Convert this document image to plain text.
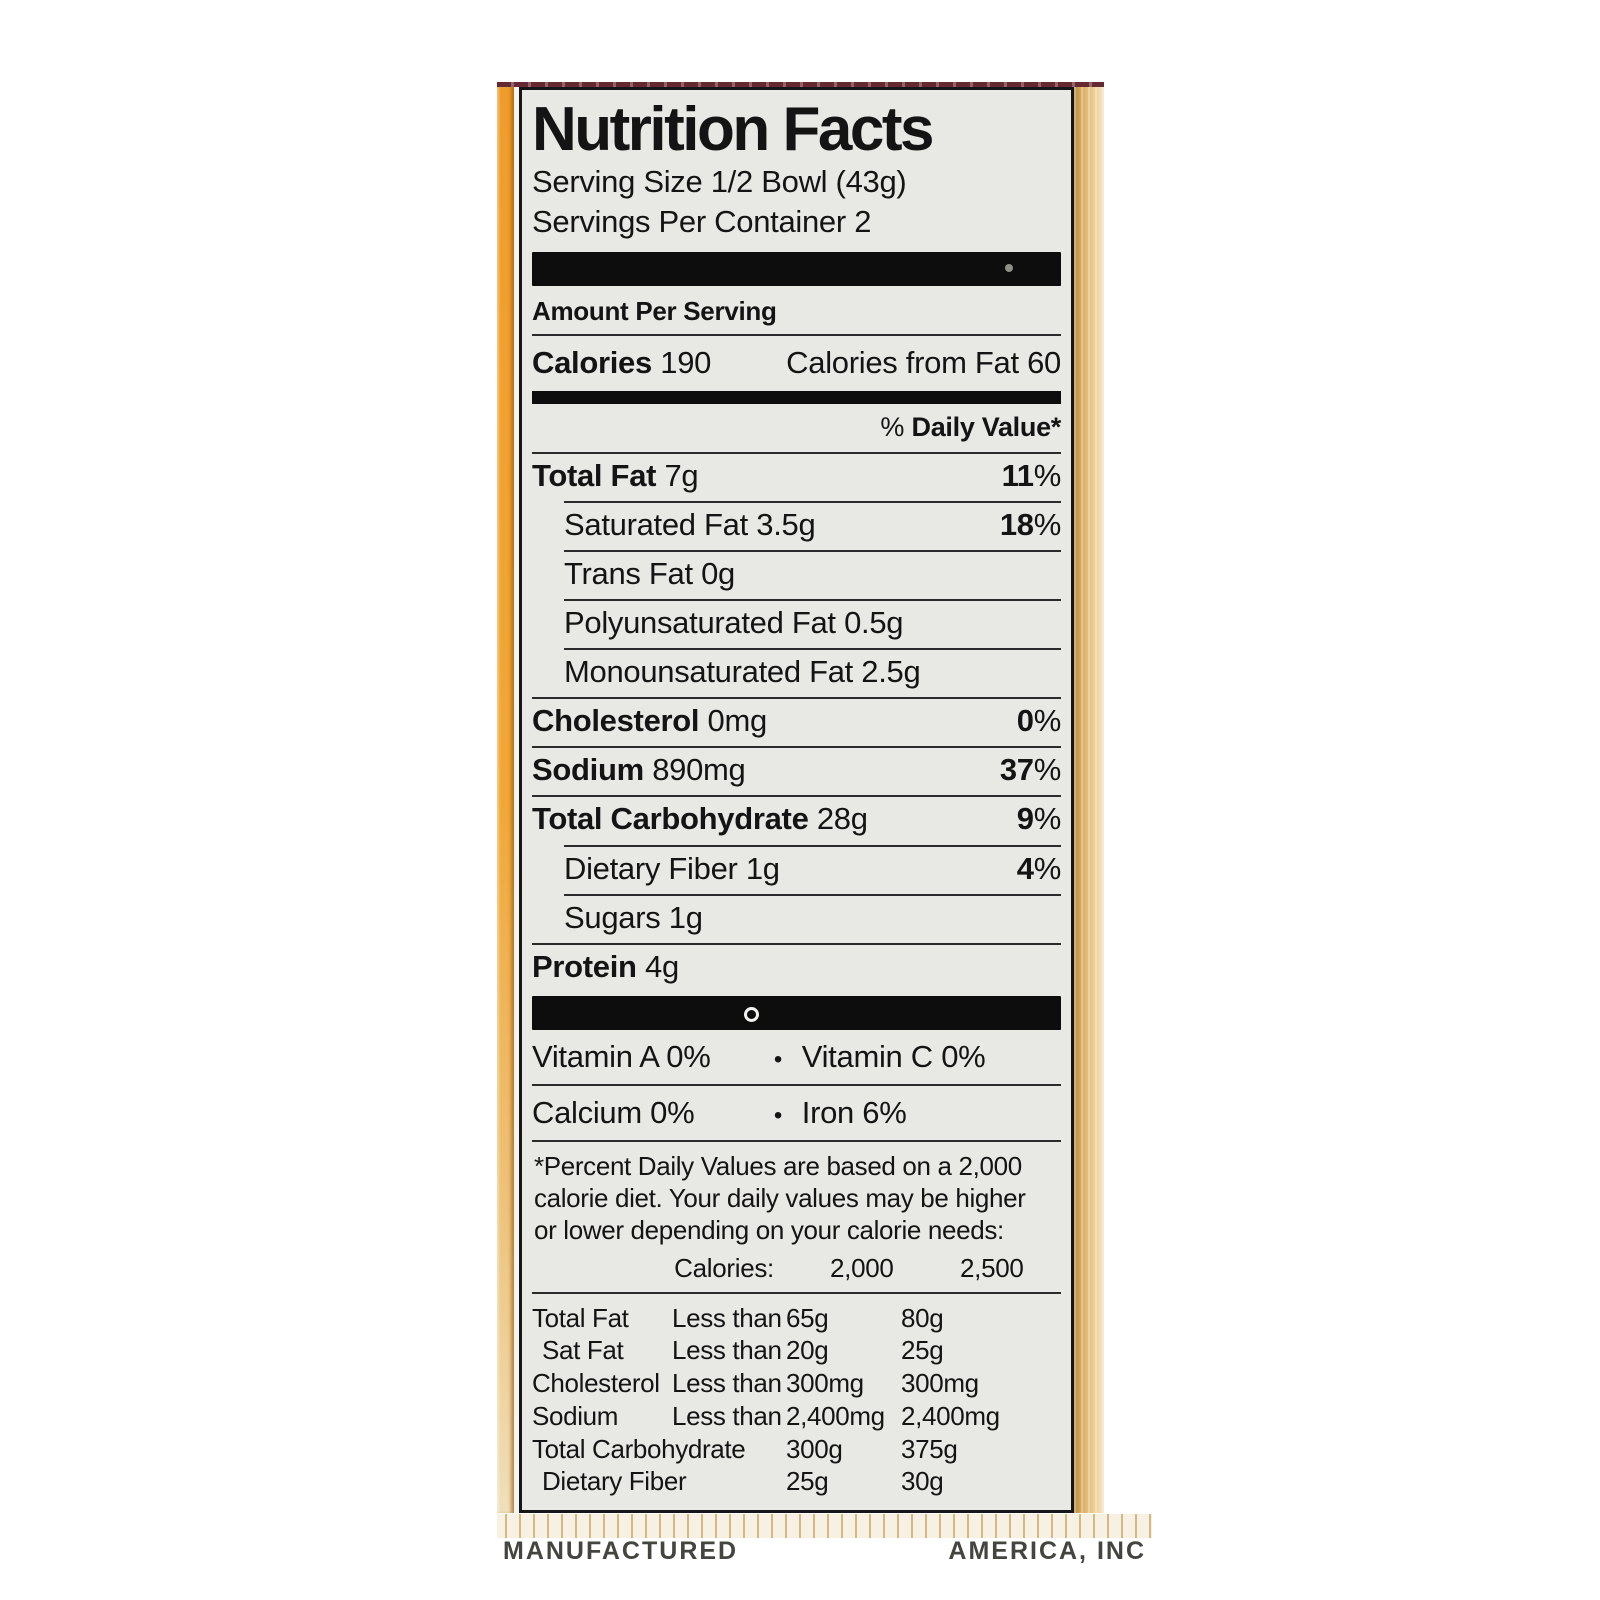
Nutrition Facts
Serving Size 1/2 Bowl (43g)
Servings Per Container 2
Amount Per Serving
Calories 190 Calories from Fat 60
% Daily Value*
Total Fat 7g	11%
Saturated Fat 3.5g	18%
Trans Fat 0g
Polyunsaturated Fat 0.5g
Monounsaturated Fat 2.5g
Cholesterol 0mg	0%
Sodium 890mg	37%
Total Carbohydrate 28g	9%
Dietary Fiber 1g	4%
Sugars 1g
Protein 4g
Vitamin A 0%	• Vitamin C 0%
Calcium 0%	• Iron 6%
*Percent Daily Values are based on a 2,000
calorie diet. Your daily values may be higher
or lower depending on your calorie needs:
Calories:	2,000	2,500
Total Fat	Less than 65g	80g
Sat Fat	Less than 20g	25g
Cholesterol Less than 300mg	300mg
Sodium	Less than 2,400mg 2,400mg
Total Carbohydrate	300g	375g
Dietary Fiber	25g	30g
MANUFACTURED	AMERICA, INC
